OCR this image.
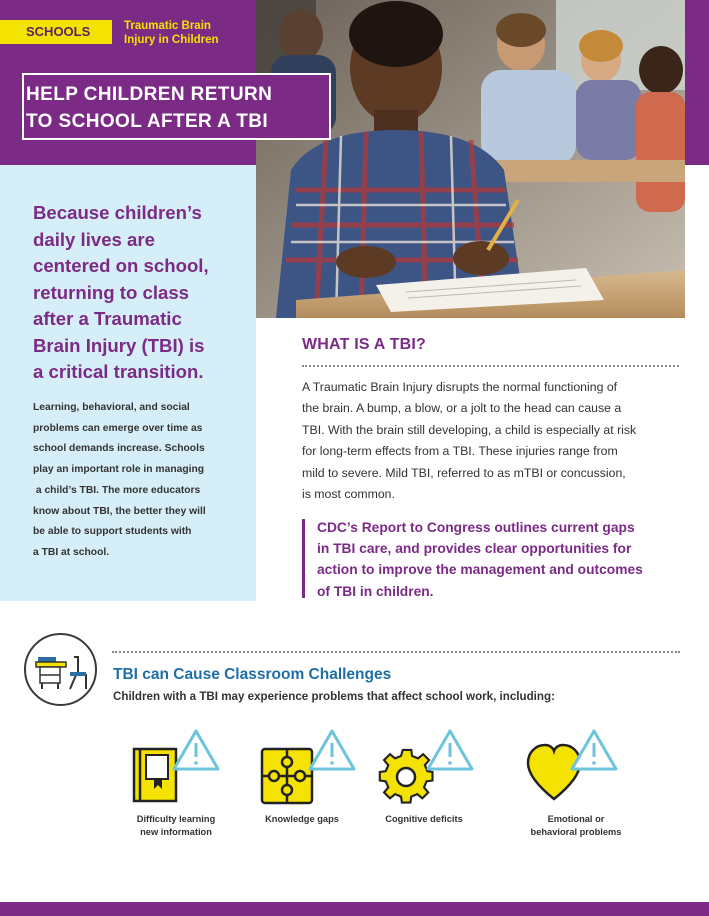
SCHOOLS	Traumatic Brain
Injury in Children
HELP CHILDREN RETURN
TO SCHOOL AFTER A TBI
Because children’s
daily lives are
centered on school,
returning to class
after a Traumatic
Brain Injury (TBI) is
a critical transition.
Learning, behavioral, and social
problems can emerge over time as
school demands increase. Schools
play an important role in managing
a child’s TBI. The more educators
know about TBI, the better they will
be able to support students with
a TBI at school.
WHAT IS A TBI?
A Traumatic Brain Injury disrupts the normal functioning of
the brain. A bump, a blow, or a jolt to the head can cause a
TBI. With the brain still developing, a child is especially at risk
for long-term effects from a TBI. These injuries range from
mild to severe. Mild TBI, referred to as mTBI or concussion,
is most common.
CDC’s Report to Congress outlines current gaps
in TBI care, and provides clear opportunities for
action to improve the management and outcomes
of TBI in children.
TBI can Cause Classroom Challenges
Children with a TBI may experience problems that affect school work, including:
Difficulty learning
new information
Knowledge gaps	Cognitive deficits	Emotional or
behavioral problems
